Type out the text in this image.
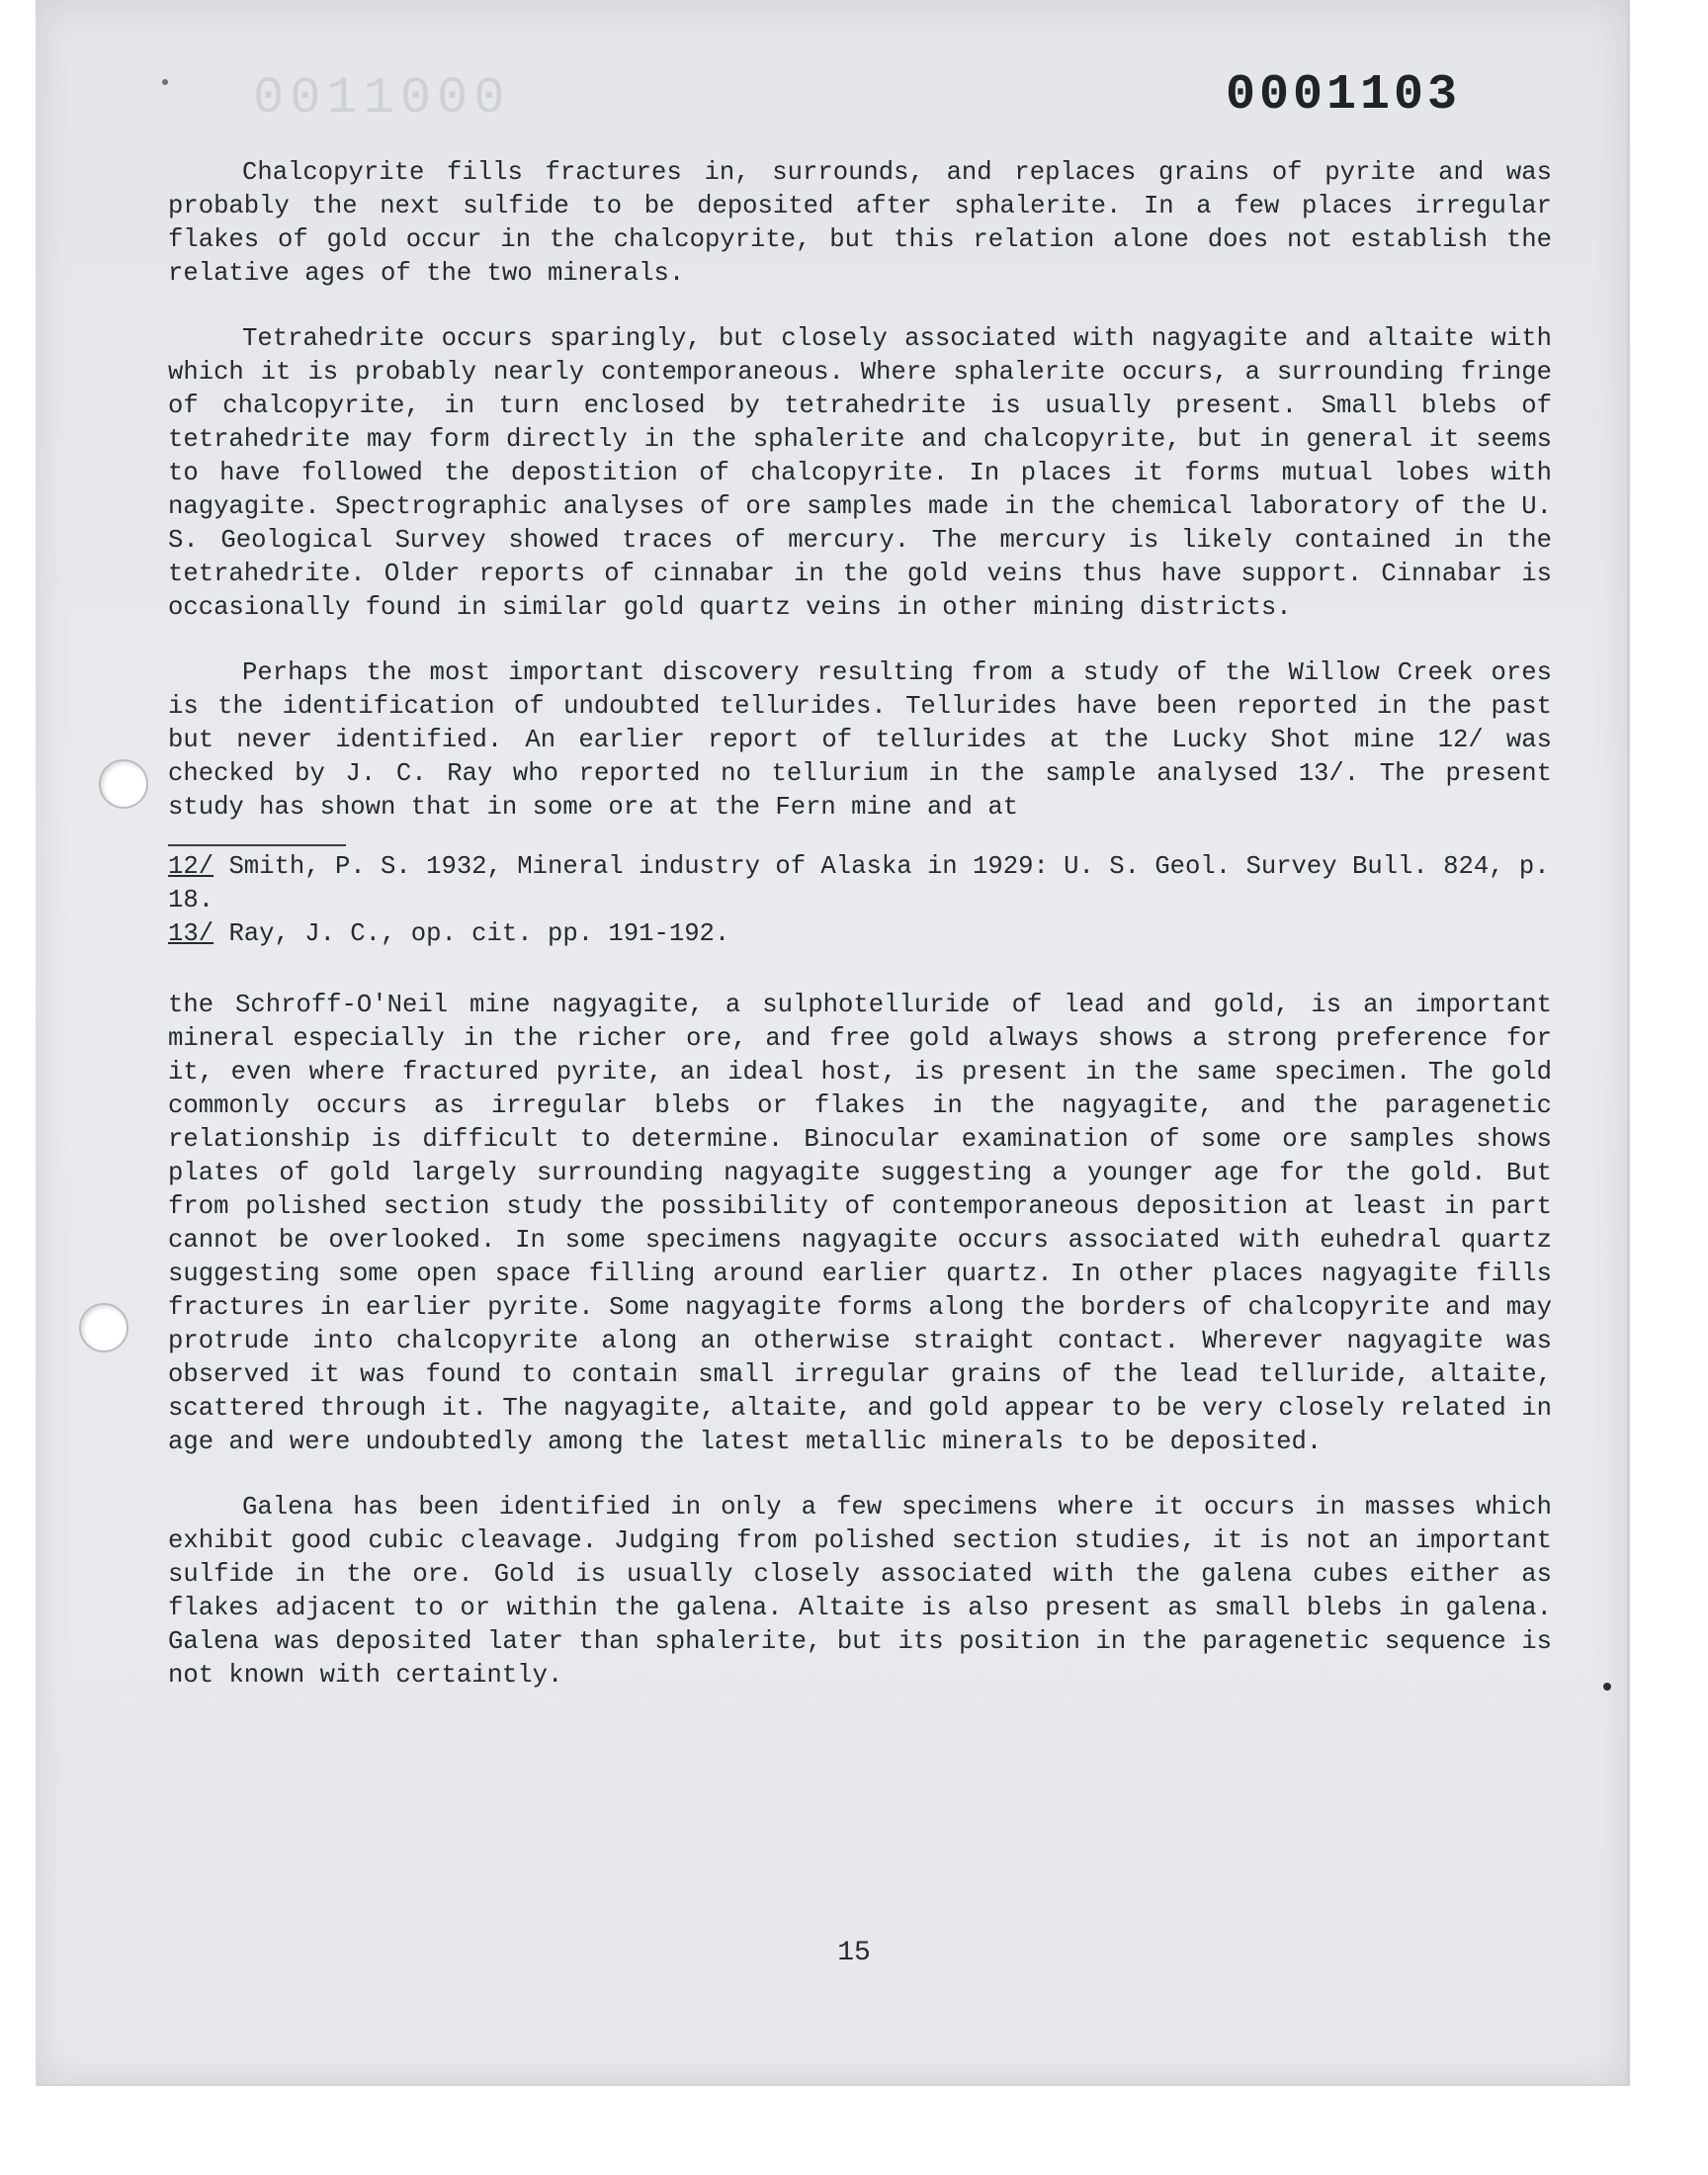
0011000	0001103

Chalcopyrite fills fractures in, surrounds, and replaces grains of pyrite and was probably the next sulfide to be deposited after sphalerite. In a few places irregular flakes of gold occur in the chalcopyrite, but this relation alone does not establish the relative ages of the two minerals.

Tetrahedrite occurs sparingly, but closely associated with nagyagite and altaite with which it is probably nearly contemporaneous. Where sphalerite occurs, a surrounding fringe of chalcopyrite, in turn enclosed by tetrahedrite is usually present. Small blebs of tetrahedrite may form directly in the sphalerite and chalcopyrite, but in general it seems to have followed the depostition of chalcopyrite. In places it forms mutual lobes with nagyagite. Spectrographic analyses of ore samples made in the chemical laboratory of the U. S. Geological Survey showed traces of mercury. The mercury is likely contained in the tetrahedrite. Older reports of cinnabar in the gold veins thus have support. Cinnabar is occasionally found in similar gold quartz veins in other mining districts.

Perhaps the most important discovery resulting from a study of the Willow Creek ores is the identification of undoubted tellurides. Tellurides have been reported in the past but never identified. An earlier report of tellurides at the Lucky Shot mine 12/ was checked by J. C. Ray who reported no tellurium in the sample analysed 13/. The present study has shown that in some ore at the Fern mine and at

12/ Smith, P. S. 1932, Mineral industry of Alaska in 1929: U. S. Geol. Survey Bull. 824, p. 18.

13/ Ray, J. C., op. cit. pp. 191-192.

the Schroff-O'Neil mine nagyagite, a sulphotelluride of lead and gold, is an important mineral especially in the richer ore, and free gold always shows a strong preference for it, even where fractured pyrite, an ideal host, is present in the same specimen. The gold commonly occurs as irregular blebs or flakes in the nagyagite, and the paragenetic relationship is difficult to determine. Binocular examination of some ore samples shows plates of gold largely surrounding nagyagite suggesting a younger age for the gold. But from polished section study the possibility of contemporaneous deposition at least in part cannot be overlooked. In some specimens nagyagite occurs associated with euhedral quartz suggesting some open space filling around earlier quartz. In other places nagyagite fills fractures in earlier pyrite. Some nagyagite forms along the borders of chalcopyrite and may protrude into chalcopyrite along an otherwise straight contact. Wherever nagyagite was observed it was found to contain small irregular grains of the lead telluride, altaite, scattered through it. The nagyagite, altaite, and gold appear to be very closely related in age and were undoubtedly among the latest metallic minerals to be deposited.

Galena has been identified in only a few specimens where it occurs in masses which exhibit good cubic cleavage. Judging from polished section studies, it is not an important sulfide in the ore. Gold is usually closely associated with the galena cubes either as flakes adjacent to or within the galena. Altaite is also present as small blebs in galena. Galena was deposited later than sphalerite, but its position in the paragenetic sequence is not known with certaintly.

15
